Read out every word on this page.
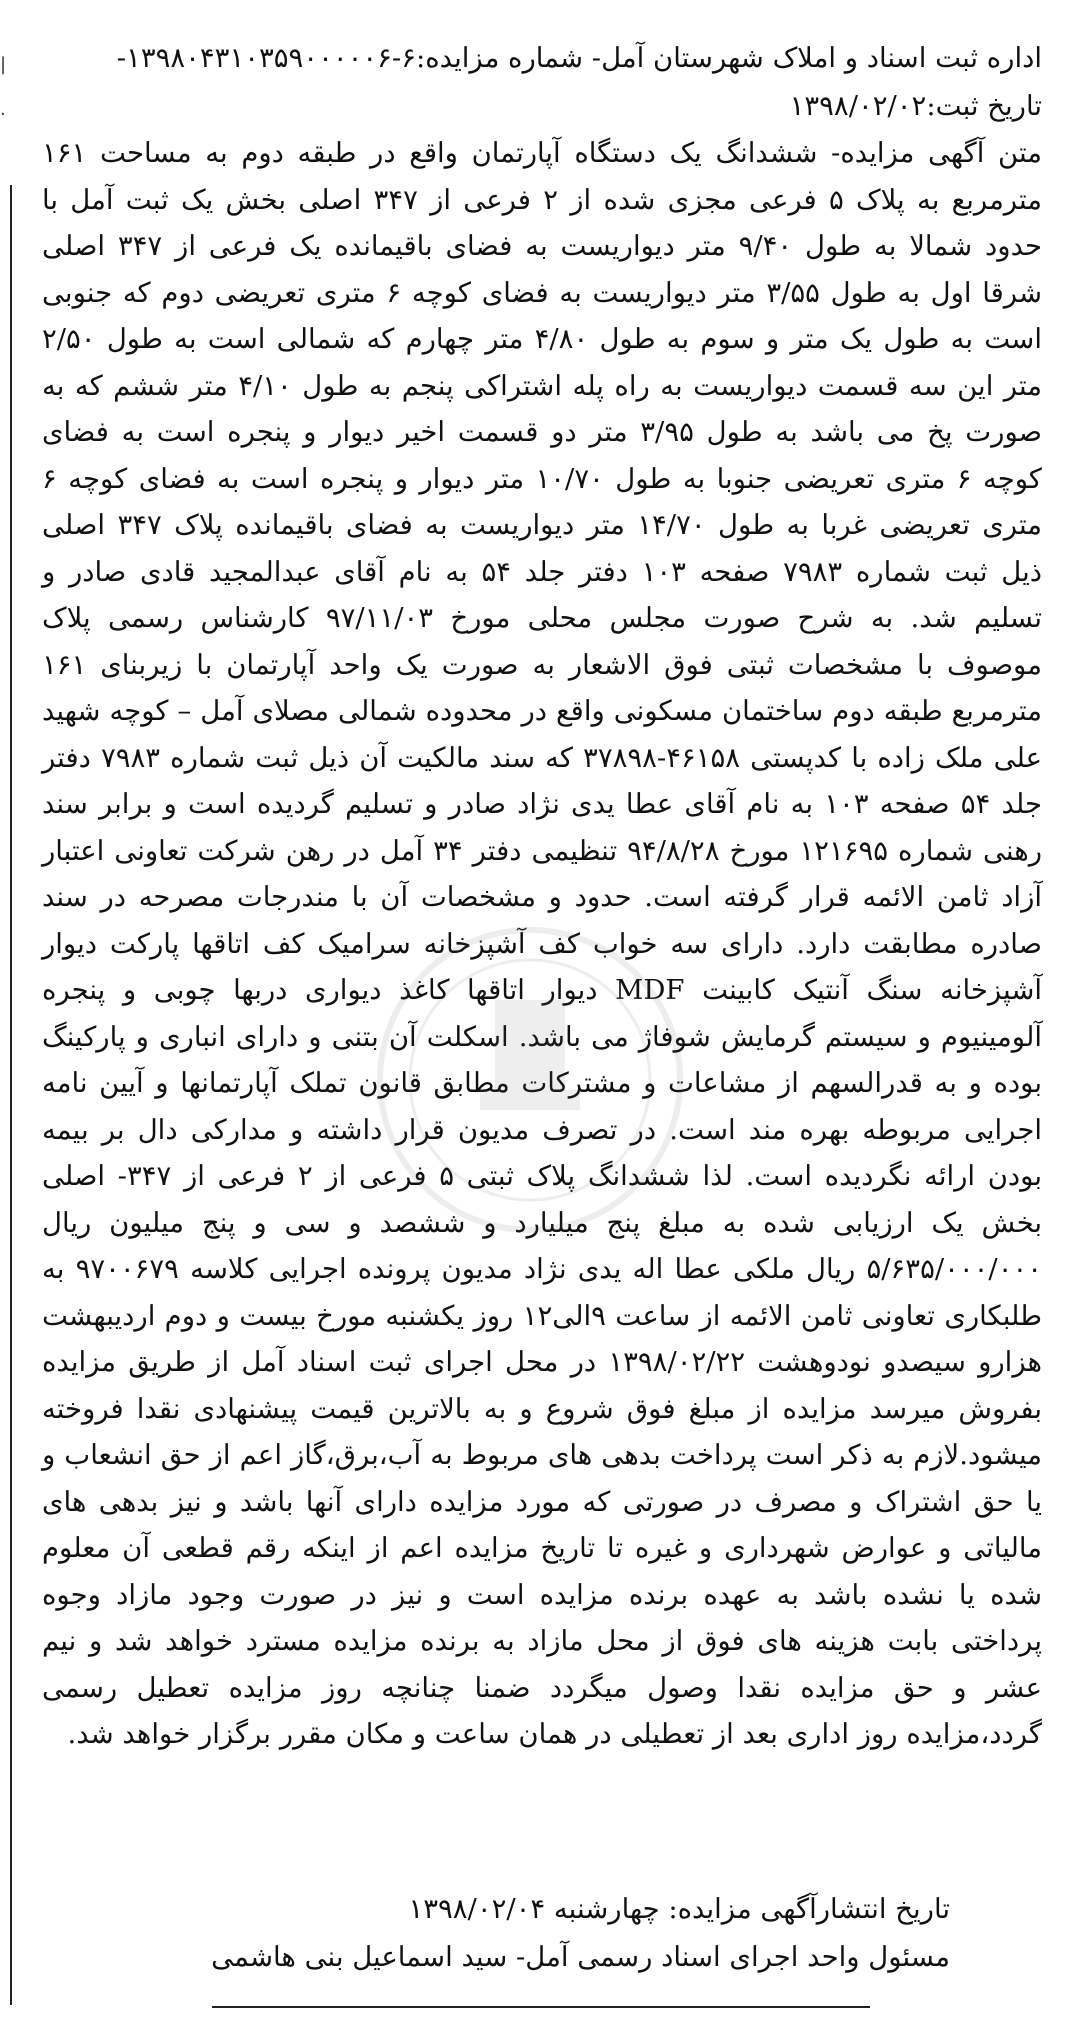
|
·
اداره ثبت اسناد و املاک شهرستان آمل- شماره مزایده:۶-۱۳۹۸۰۴۳۱۰۳۵۹۰۰۰۰۰۶-
تاریخ ثبت:۱۳۹۸/۰۲/۰۲
متن آگهی مزایده- ششدانگ یک دستگاه آپارتمان واقع در طبقه دوم به مساحت ۱۶۱ مترمربع به پلاک ۵ فرعی مجزی شده از ۲ فرعی از ۳۴۷ اصلی بخش یک ثبت آمل با حدود شمالا به طول ۹/۴۰ متر دیواریست به فضای باقیمانده یک فرعی از ۳۴۷ اصلی شرقا اول به طول ۳/۵۵ متر دیواریست به فضای کوچه ۶ متری تعریضی دوم که جنوبی است به طول یک متر و سوم به طول ۴/۸۰ متر چهارم که شمالی است به طول ۲/۵۰ متر این سه قسمت دیواریست به راه پله اشتراکی پنجم به طول ۴/۱۰ متر ششم که به صورت پخ می باشد به طول ۳/۹۵ متر دو قسمت اخیر دیوار و پنجره است به فضای کوچه ۶ متری تعریضی جنوبا به طول ۱۰/۷۰ متر دیوار و پنجره است به فضای کوچه ۶ متری تعریضی غربا به طول ۱۴/۷۰ متر دیواریست به فضای باقیمانده پلاک ۳۴۷ اصلی ذیل ثبت شماره ۷۹۸۳ صفحه ۱۰۳ دفتر جلد ۵۴ به نام آقای عبدالمجید قادی صادر و تسلیم شد. به شرح صورت مجلس محلی مورخ ۹۷/۱۱/۰۳ کارشناس رسمی پلاک موصوف با مشخصات ثبتی فوق الاشعار به صورت یک واحد آپارتمان با زیربنای ۱۶۱ مترمربع طبقه دوم ساختمان مسکونی واقع در محدوده شمالی مصلای آمل – کوچه شهید علی ملک زاده با کدپستی ۴۶۱۵۸-۳۷۸۹۸ که سند مالکیت آن ذیل ثبت شماره ۷۹۸۳ دفتر جلد ۵۴ صفحه ۱۰۳ به نام آقای عطا یدی نژاد صادر و تسلیم گردیده است و برابر سند رهنی شماره ۱۲۱۶۹۵ مورخ ۹۴/۸/۲۸ تنظیمی دفتر ۳۴ آمل در رهن شرکت تعاونی اعتبار آزاد ثامن الائمه قرار گرفته است. حدود و مشخصات آن با مندرجات مصرحه در سند صادره مطابقت دارد. دارای سه خواب کف آشپزخانه سرامیک کف اتاقها پارکت دیوار آشپزخانه سنگ آنتیک کابینت MDF دیوار اتاقها کاغذ دیواری دربها چوبی و پنجره آلومینیوم و سیستم گرمایش شوفاژ می باشد. اسکلت آن بتنی و دارای انباری و پارکینگ بوده و به قدرالسهم از مشاعات و مشترکات مطابق قانون تملک آپارتمانها و آیین نامه اجرایی مربوطه بهره مند است. در تصرف مدیون قرار داشته و مدارکی دال بر بیمه بودن ارائه نگردیده است. لذا ششدانگ پلاک ثبتی ۵ فرعی از ۲ فرعی از ۳۴۷- اصلی بخش یک ارزیابی شده به مبلغ پنج میلیارد و ششصد و سی و پنج میلیون ریال ۵/۶۳۵/۰۰۰/۰۰۰ ریال ملکی عطا اله یدی نژاد مدیون پرونده اجرایی کلاسه ۹۷۰۰۶۷۹ به طلبکاری تعاونی ثامن الائمه از ساعت ۹الی۱۲ روز یکشنبه مورخ بیست و دوم اردیبهشت هزارو سیصدو نودوهشت ۱۳۹۸/۰۲/۲۲ در محل اجرای ثبت اسناد آمل از طریق مزایده بفروش میرسد مزایده از مبلغ فوق شروع و به بالاترین قیمت پیشنهادی نقدا فروخته میشود.لازم به ذکر است پرداخت بدهی های مربوط به آب،برق،گاز اعم از حق انشعاب و یا حق اشتراک و مصرف در صورتی که مورد مزایده دارای آنها باشد و نیز بدهی های مالیاتی و عوارض شهرداری و غیره تا تاریخ مزایده اعم از اینکه رقم قطعی آن معلوم شده یا نشده باشد به عهده برنده مزایده است و نیز در صورت وجود مازاد وجوه پرداختی بابت هزینه های فوق از محل مازاد به برنده مزایده مسترد خواهد شد و نیم عشر و حق مزایده نقدا وصول میگردد ضمنا چنانچه روز مزایده تعطیل رسمی گردد،مزایده روز اداری بعد از تعطیلی در همان ساعت و مکان مقرر برگزار خواهد شد.
تاریخ انتشارآگهی مزایده: چهارشنبه ۱۳۹۸/۰۲/۰۴
مسئول واحد اجرای اسناد رسمی آمل- سید اسماعیل بنی هاشمی
